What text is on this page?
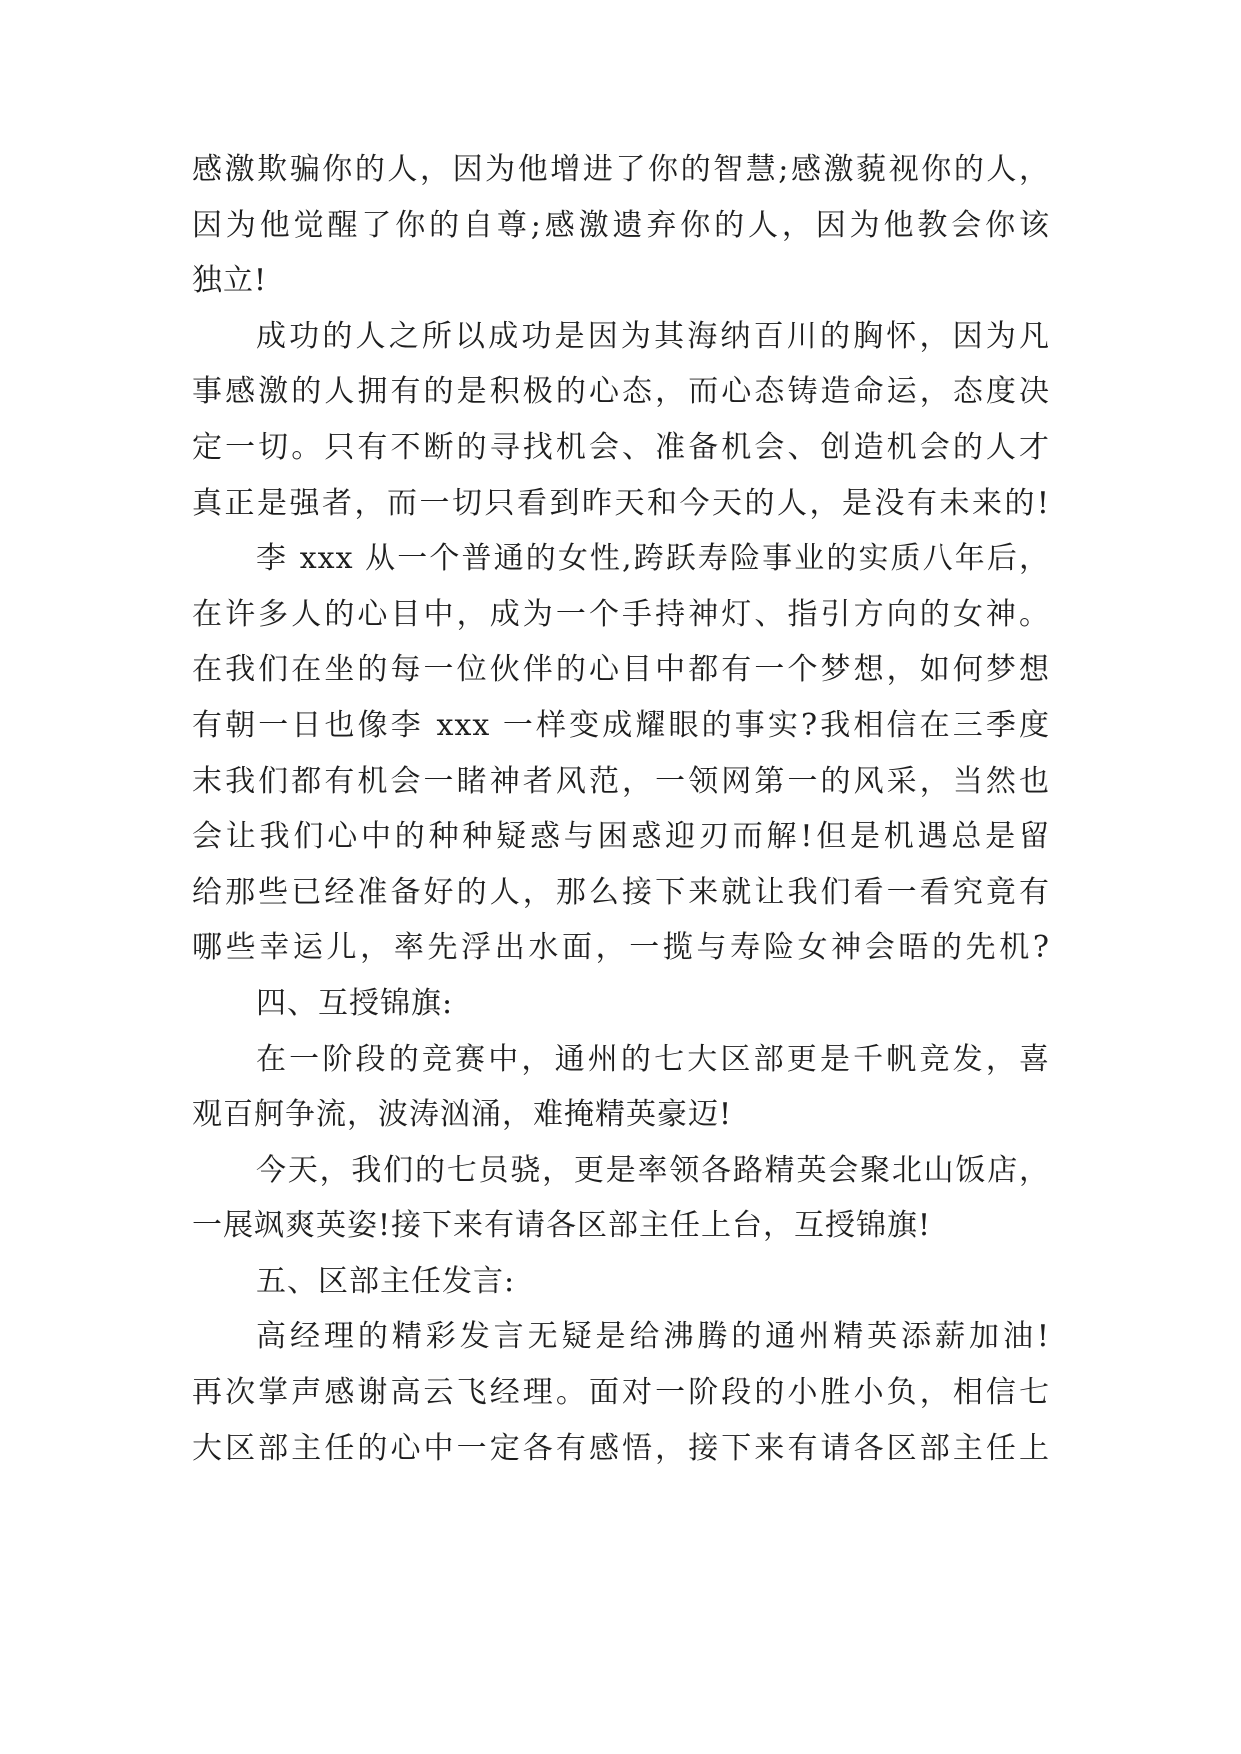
感激欺骗你的人，因为他增进了你的智慧;感激藐视你的人，
因为他觉醒了你的自尊;感激遗弃你的人，因为他教会你该
独立!
成功的人之所以成功是因为其海纳百川的胸怀，因为凡
事感激的人拥有的是积极的心态，而心态铸造命运，态度决
定一切。只有不断的寻找机会、准备机会、创造机会的人才
真正是强者，而一切只看到昨天和今天的人，是没有未来的!
李 xxx 从一个普通的女性,跨跃寿险事业的实质八年后，
在许多人的心目中，成为一个手持神灯、指引方向的女神。
在我们在坐的每一位伙伴的心目中都有一个梦想，如何梦想
有朝一日也像李 xxx 一样变成耀眼的事实?我相信在三季度
末我们都有机会一睹神者风范，一领网第一的风采，当然也
会让我们心中的种种疑惑与困惑迎刃而解!但是机遇总是留
给那些已经准备好的人，那么接下来就让我们看一看究竟有
哪些幸运儿，率先浮出水面，一揽与寿险女神会晤的先机?
四、互授锦旗:
在一阶段的竞赛中，通州的七大区部更是千帆竞发，喜
观百舸争流，波涛汹涌，难掩精英豪迈!
今天，我们的七员骁，更是率领各路精英会聚北山饭店，
一展飒爽英姿!接下来有请各区部主任上台，互授锦旗!
五、区部主任发言:
高经理的精彩发言无疑是给沸腾的通州精英添薪加油!
再次掌声感谢高云飞经理。面对一阶段的小胜小负，相信七
大区部主任的心中一定各有感悟，接下来有请各区部主任上
